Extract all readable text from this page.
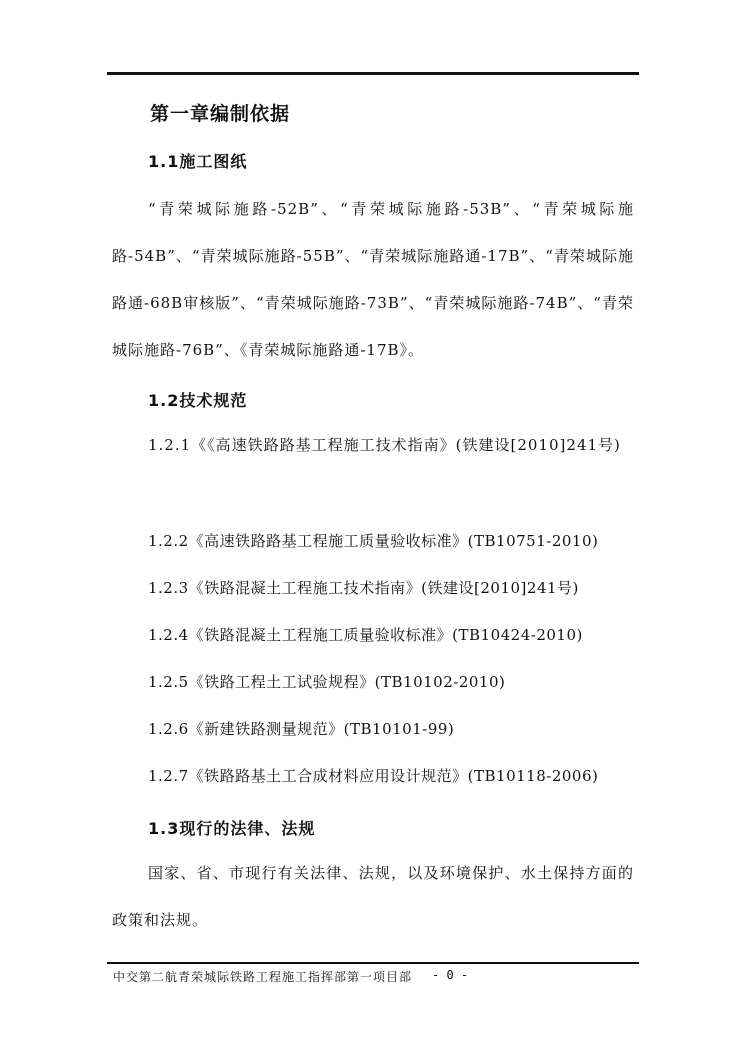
第一章编制依据
1.1施工图纸
“青荣城际施路-52B”、“青荣城际施路-53B”、“青荣城际施路-54B”、“青荣城际施路-55B”、“青荣城际施路通-17B”、“青荣城际施路通-68B审核版”、“青荣城际施路-73B”、“青荣城际施路-74B”、“青荣城际施路-76B”、《青荣城际施路通-17B》。
1.2技术规范
1.2.1《《高速铁路路基工程施工技术指南》(铁建设[2010]241号)
1.2.2《高速铁路路基工程施工质量验收标准》(TB10751-2010)
1.2.3《铁路混凝土工程施工技术指南》(铁建设[2010]241号)
1.2.4《铁路混凝土工程施工质量验收标准》(TB10424-2010)
1.2.5《铁路工程土工试验规程》(TB10102-2010)
1.2.6《新建铁路测量规范》(TB10101-99)
1.2.7《铁路路基土工合成材料应用设计规范》(TB10118-2006)
1.3现行的法律、法规
国家、省、市现行有关法律、法规，以及环境保护、水土保持方面的政策和法规。
中交第二航青荣城际铁路工程施工指挥部第一项目部 - 0 -
